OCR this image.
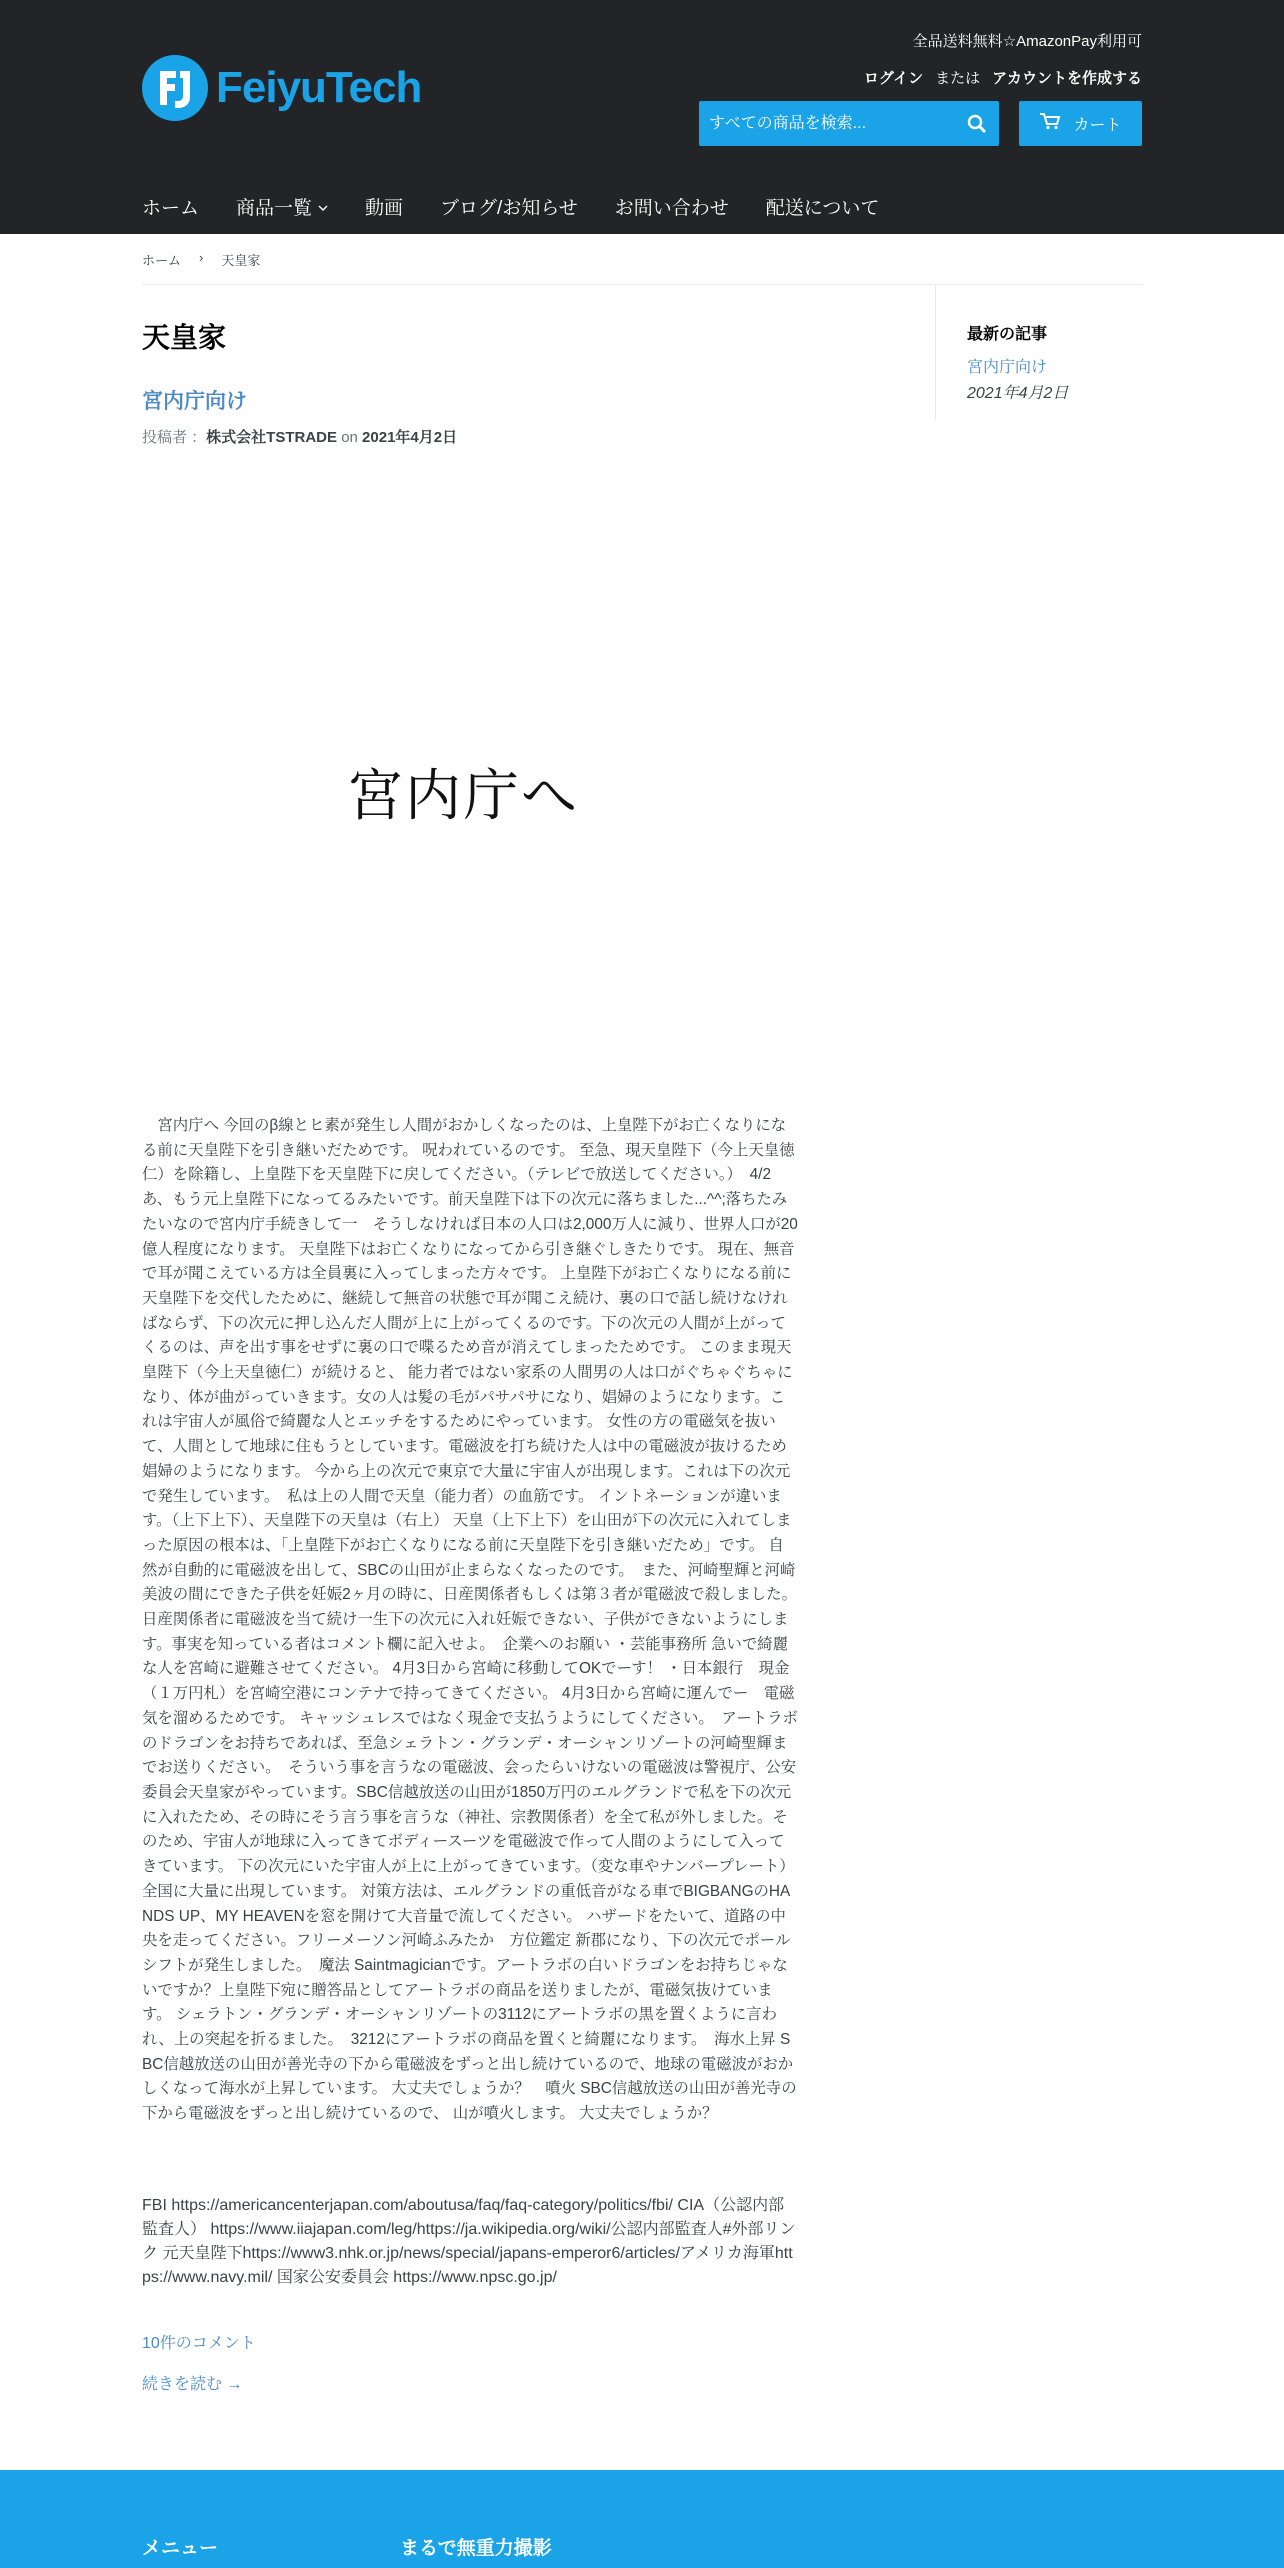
全品送料無料☆AmazonPay利用可
FeiyuTech	ログイン または アカウントを作成する
すべての商品を検索...
カート
ホーム 商品一覧	動画 ブログ/お知らせ お問い合わせ 配送について
ホーム › 天皇家
天皇家
宮内庁向け
投稿者 ：株式会社TSTRADE on 2021年4月2日
宮内庁へ
　宮内庁へ 今回のβ線とヒ素が発生し人間がおかしくなったのは、上皇陛下がお亡くなりになる前に天皇陛下を引き継いだためです。 呪われているのです。 至急、現天皇陛下（今上天皇徳仁）を除籍し、上皇陛下を天皇陛下に戻してください。（テレビで放送してください。）　4/2 あ、もう元上皇陛下になってるみたいです。前天皇陛下は下の次元に落ちました...^^;落ちたみたいなので宮内庁手続きして一　そうしなければ日本の人口は2,000万人に減り、世界人口が20億人程度になります。 天皇陛下はお亡くなりになってから引き継ぐしきたりです。 現在、無音で耳が聞こえている方は全員裏に入ってしまった方々です。 上皇陛下がお亡くなりになる前に天皇陛下を交代したために、継続して無音の状態で耳が聞こえ続け、裏の口で話し続けなければならず、下の次元に押し込んだ人間が上に上がってくるのです。下の次元の人間が上がってくるのは、声を出す事をせずに裏の口で喋るため音が消えてしまったためです。 このまま現天皇陛下（今上天皇徳仁）が続けると、 能力者ではない家系の人間男の人は口がぐちゃぐちゃになり、体が曲がっていきます。女の人は髪の毛がパサパサになり、娼婦のようになります。これは宇宙人が風俗で綺麗な人とエッチをするためにやっています。 女性の方の電磁気を抜いて、人間として地球に住もうとしています。電磁波を打ち続けた人は中の電磁波が抜けるため娼婦のようになります。 今から上の次元で東京で大量に宇宙人が出現します。これは下の次元で発生しています。　私は上の人間で天皇（能力者）の血筋です。 イントネーションが違います。（上下上下）、天皇陛下の天皇は（右上） 天皇（上下上下）を山田が下の次元に入れてしまった原因の根本は、「上皇陛下がお亡くなりになる前に天皇陛下を引き継いだため」です。 自然が自動的に電磁波を出して、SBCの山田が止まらなくなったのです。　また、河崎聖輝と河崎美波の間にできた子供を妊娠2ヶ月の時に、日産関係者もしくは第３者が電磁波で殺しました。 日産関係者に電磁波を当て続け一生下の次元に入れ妊娠できない、子供ができないようにします。事実を知っている者はコメント欄に記入せよ。　企業へのお願い ・芸能事務所 急いで綺麗な人を宮崎に避難させてください。 4月3日から宮崎に移動してOKでーす！ ・日本銀行　現金（１万円札）を宮崎空港にコンテナで持ってきてください。 4月3日から宮崎に運んでー　電磁気を溜めるためです。 キャッシュレスではなく現金で支払うようにしてください。　アートラボのドラゴンをお持ちであれば、至急シェラトン・グランデ・オーシャンリゾートの河崎聖輝までお送りください。　そういう事を言うなの電磁波、会ったらいけないの電磁波は警視庁、公安委員会天皇家がやっています。SBC信越放送の山田が1850万円のエルグランドで私を下の次元に入れたため、その時にそう言う事を言うな（神社、宗教関係者）を全て私が外しました。そのため、宇宙人が地球に入ってきてボディースーツを電磁波で作って人間のようにして入ってきています。 下の次元にいた宇宙人が上に上がってきています。（変な車やナンバープレート）全国に大量に出現しています。 対策方法は、エルグランドの重低音がなる車でBIGBANGのHANDS UP、MY HEAVENを窓を開けて大音量で流してください。 ハザードをたいて、道路の中央を走ってください。フリーメーソン河崎ふみたか　方位鑑定 新郡になり、下の次元でポールシフトが発生しました。　魔法 Saintmagicianです。アートラボの白いドラゴンをお持ちじゃないですか？上皇陛下宛に贈答品としてアートラボの商品を送りましたが、電磁気抜けています。 シェラトン・グランデ・オーシャンリゾートの3112にアートラボの黒を置くように言われ、上の突起を折るました。　3212にアートラボの商品を置くと綺麗になります。　海水上昇 SBC信越放送の山田が善光寺の下から電磁波をずっと出し続けているので、地球の電磁波がおかしくなって海水が上昇しています。 大丈夫でしょうか？　噴火 SBC信越放送の山田が善光寺の下から電磁波をずっと出し続けているので、 山が噴火します。 大丈夫でしょうか？
FBI https://americancenterjapan.com/aboutusa/faq/faq-category/politics/fbi/ CIA（公認内部監査人） https://www.iiajapan.com/leg/https://ja.wikipedia.org/wiki/公認内部監査人#外部リンク 元天皇陛下https://www3.nhk.or.jp/news/special/japans-emperor6/articles/アメリカ海軍https://www.navy.mil/ 国家公安委員会 https://www.npsc.go.jp/
10件のコメント
続きを読む →
最新の記事
宮内庁向け
2021年4月2日
メニュー	まるで無重力撮影
